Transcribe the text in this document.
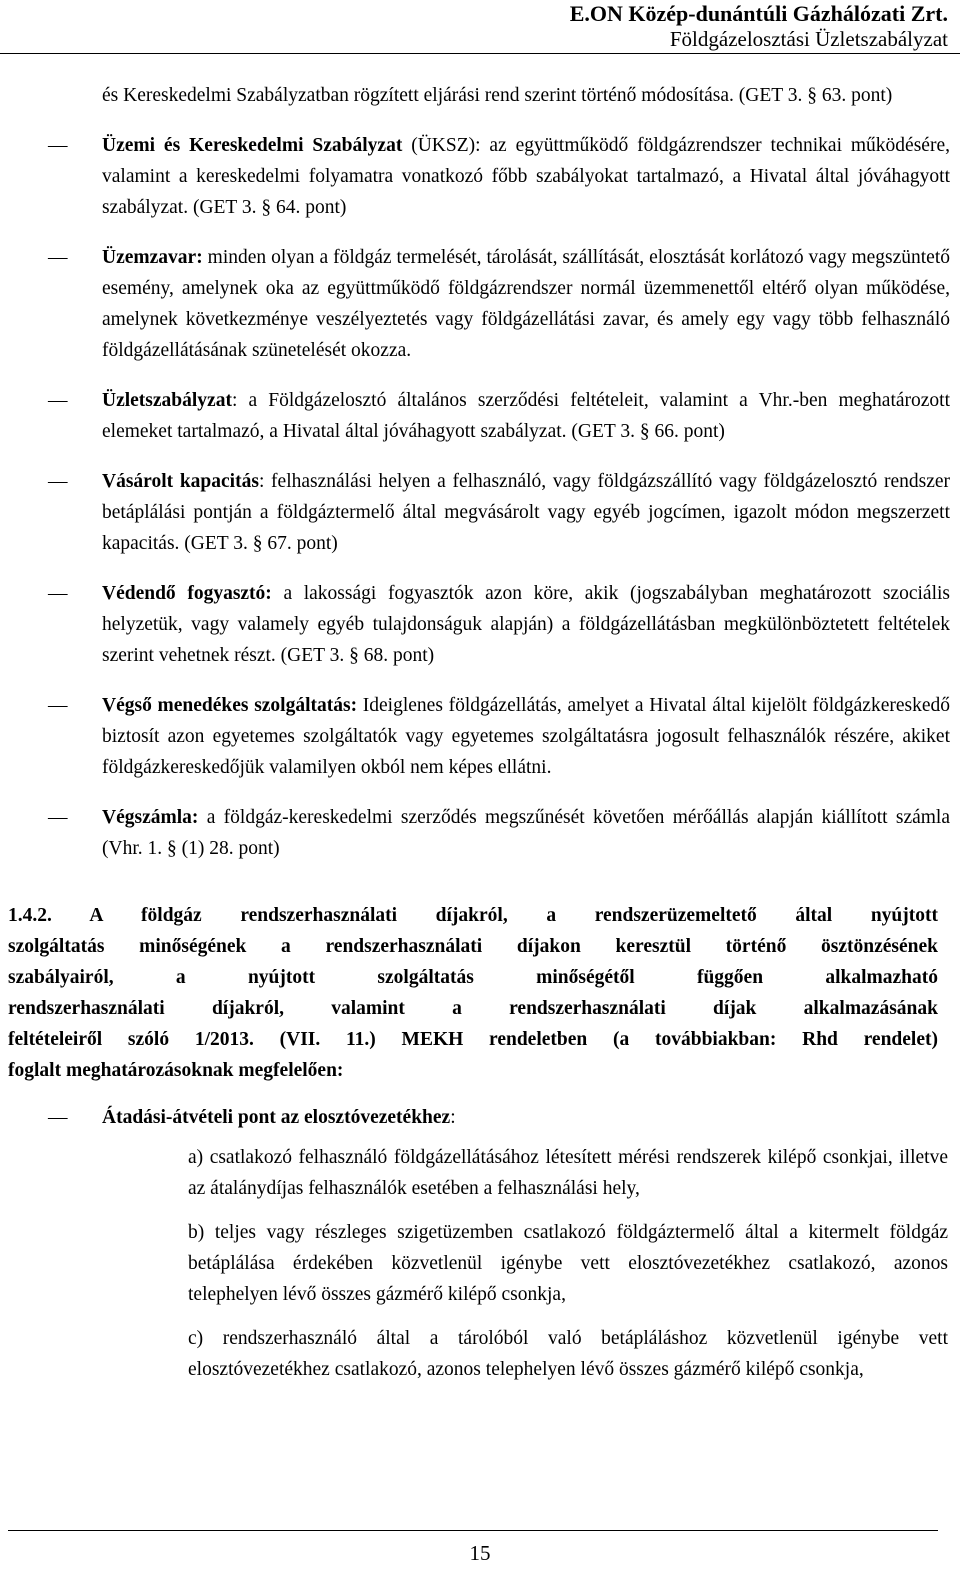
E.ON Közép-dunántúli Gázhálózati Zrt.
Földgázelosztási Üzletszabályzat
és Kereskedelmi Szabályzatban rögzített eljárási rend szerint történő módosítása. (GET 3. § 63. pont)
—	Üzemi és Kereskedelmi Szabályzat (ÜKSZ): az együttműködő földgázrendszer technikai működésére, valamint a kereskedelmi folyamatra vonatkozó főbb szabályokat tartalmazó, a Hivatal által jóváhagyott szabályzat. (GET 3. § 64. pont)
—	Üzemzavar: minden olyan a földgáz termelését, tárolását, szállítását, elosztását korlátozó vagy megszüntető esemény, amelynek oka az együttműködő földgázrendszer normál üzemmenettől eltérő olyan működése, amelynek következménye veszélyeztetés vagy földgázellátási zavar, és amely egy vagy több felhasználó földgázellátásának szünetelését okozza.
—	Üzletszabályzat: a Földgázelosztó általános szerződési feltételeit, valamint a Vhr.-ben meghatározott elemeket tartalmazó, a Hivatal által jóváhagyott szabályzat. (GET 3. § 66. pont)
—	Vásárolt kapacitás: felhasználási helyen a felhasználó, vagy földgázszállító vagy földgázelosztó rendszer betáplálási pontján a földgáztermelő által megvásárolt vagy egyéb jogcímen, igazolt módon megszerzett kapacitás. (GET 3. § 67. pont)
—	Védendő fogyasztó: a lakossági fogyasztók azon köre, akik (jogszabályban meghatározott szociális helyzetük, vagy valamely egyéb tulajdonságuk alapján) a földgázellátásban megkülönböztetett feltételek szerint vehetnek részt. (GET 3. § 68. pont)
—	Végső menedékes szolgáltatás: Ideiglenes földgázellátás, amelyet a Hivatal által kijelölt földgázkereskedő biztosít azon egyetemes szolgáltatók vagy egyetemes szolgáltatásra jogosult felhasználók részére, akiket földgázkereskedőjük valamilyen okból nem képes ellátni.
—	Végszámla: a földgáz-kereskedelmi szerződés megszűnését követően mérőállás alapján kiállított számla (Vhr. 1. § (1) 28. pont)
1.4.2. A földgáz rendszerhasználati díjakról, a rendszerüzemeltető által nyújtott
szolgáltatás minőségének a rendszerhasználati díjakon keresztül történő ösztönzésének
szabályairól, a nyújtott szolgáltatás minőségétől függően alkalmazható
rendszerhasználati díjakról, valamint a rendszerhasználati díjak alkalmazásának
feltételeiről szóló 1/2013. (VII. 11.) MEKH rendeletben (a továbbiakban: Rhd rendelet)
foglalt meghatározásoknak megfelelően:
—	Átadási-átvételi pont az elosztóvezetékhez:
a) csatlakozó felhasználó földgázellátásához létesített mérési rendszerek kilépő csonkjai, illetve az átalánydíjas felhasználók esetében a felhasználási hely,
b) teljes vagy részleges szigetüzemben csatlakozó földgáztermelő által a kitermelt földgáz betáplálása érdekében közvetlenül igénybe vett elosztóvezetékhez csatlakozó, azonos telephelyen lévő összes gázmérő kilépő csonkja,
c) rendszerhasználó által a tárolóból való betápláláshoz közvetlenül igénybe vett elosztóvezetékhez csatlakozó, azonos telephelyen lévő összes gázmérő kilépő csonkja,
15
